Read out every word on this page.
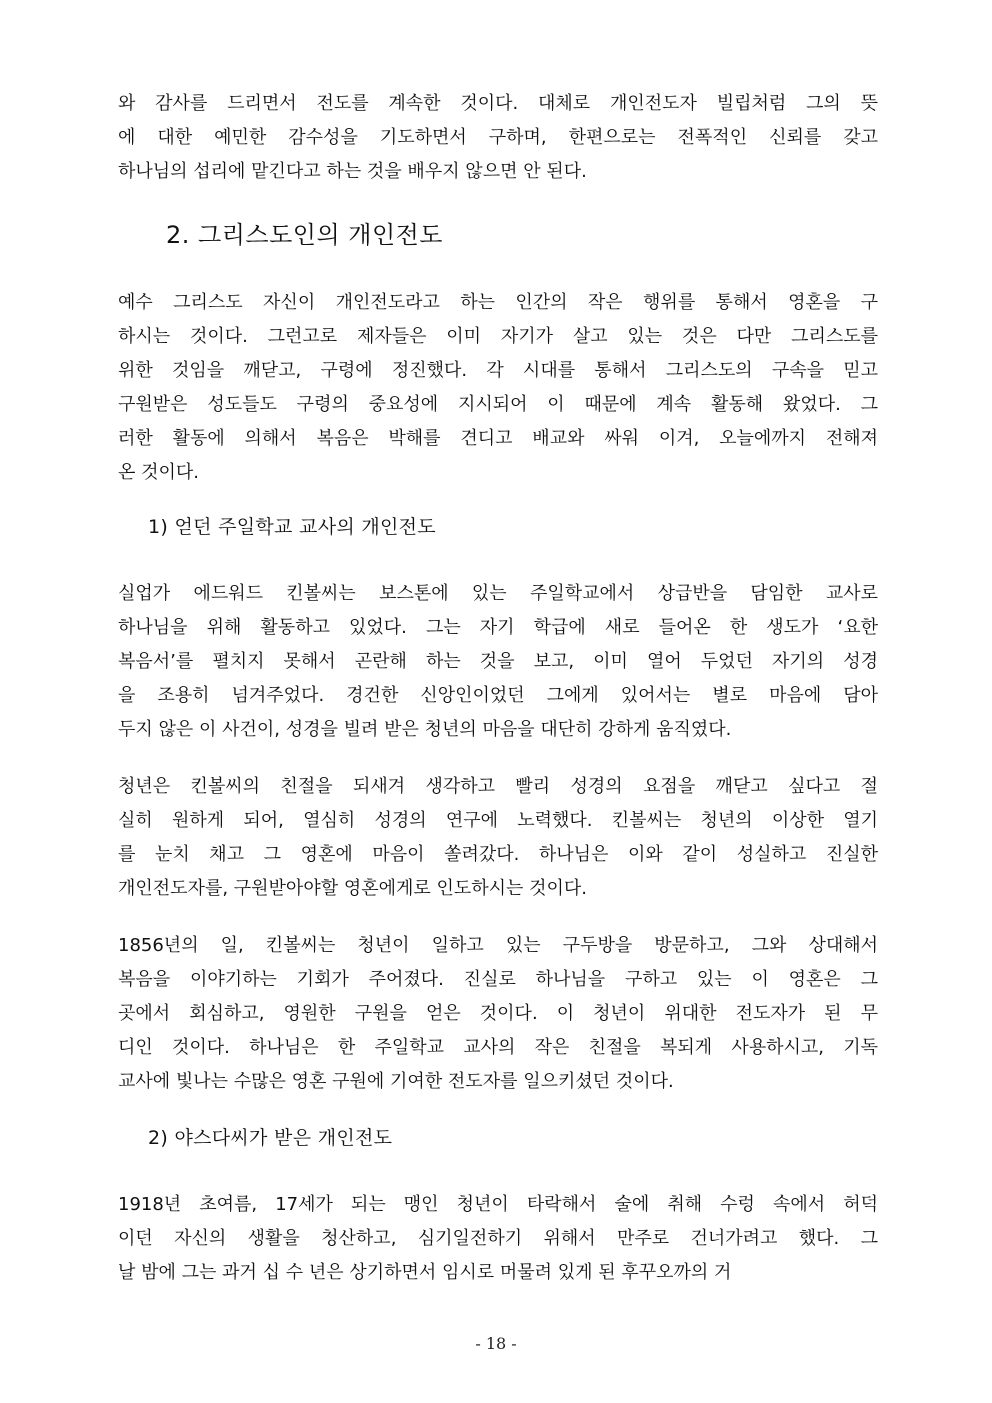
와 감사를 드리면서 전도를 계속한 것이다. 대체로 개인전도자 빌립처럼 그의 뜻
에 대한 예민한 감수성을 기도하면서 구하며, 한편으로는 전폭적인 신뢰를 갖고
하나님의 섭리에 맡긴다고 하는 것을 배우지 않으면 안 된다.
2. 그리스도인의 개인전도
예수 그리스도 자신이 개인전도라고 하는 인간의 작은 행위를 통해서 영혼을 구
하시는 것이다. 그런고로 제자들은 이미 자기가 살고 있는 것은 다만 그리스도를
위한 것임을 깨닫고, 구령에 정진했다. 각 시대를 통해서 그리스도의 구속을 믿고
구원받은 성도들도 구령의 중요성에 지시되어 이 때문에 계속 활동해 왔었다. 그
러한 활동에 의해서 복음은 박해를 견디고 배교와 싸워 이겨, 오늘에까지 전해져
온 것이다.
1) 얻던 주일학교 교사의 개인전도
실업가 에드워드 킨볼씨는 보스톤에 있는 주일학교에서 상급반을 담임한 교사로
하나님을 위해 활동하고 있었다. 그는 자기 학급에 새로 들어온 한 생도가 ‘요한
복음서’를 펼치지 못해서 곤란해 하는 것을 보고, 이미 열어 두었던 자기의 성경
을 조용히 넘겨주었다. 경건한 신앙인이었던 그에게 있어서는 별로 마음에 담아
두지 않은 이 사건이, 성경을 빌려 받은 청년의 마음을 대단히 강하게 움직였다.
청년은 킨볼씨의 친절을 되새겨 생각하고 빨리 성경의 요점을 깨닫고 싶다고 절
실히 원하게 되어, 열심히 성경의 연구에 노력했다. 킨볼씨는 청년의 이상한 열기
를 눈치 채고 그 영혼에 마음이 쏠려갔다. 하나님은 이와 같이 성실하고 진실한
개인전도자를, 구원받아야할 영혼에게로 인도하시는 것이다.
1856년의 일, 킨볼씨는 청년이 일하고 있는 구두방을 방문하고, 그와 상대해서
복음을 이야기하는 기회가 주어졌다. 진실로 하나님을 구하고 있는 이 영혼은 그
곳에서 회심하고, 영원한 구원을 얻은 것이다. 이 청년이 위대한 전도자가 된 무
디인 것이다. 하나님은 한 주일학교 교사의 작은 친절을 복되게 사용하시고, 기독
교사에 빛나는 수많은 영혼 구원에 기여한 전도자를 일으키셨던 것이다.
2) 야스다씨가 받은 개인전도
1918년 초여름, 17세가 되는 맹인 청년이 타락해서 술에 취해 수렁 속에서 허덕
이던 자신의 생활을 청산하고, 심기일전하기 위해서 만주로 건너가려고 했다. 그
날 밤에 그는 과거 십 수 년은 상기하면서 임시로 머물려 있게 된 후꾸오까의 거
- 18 -
